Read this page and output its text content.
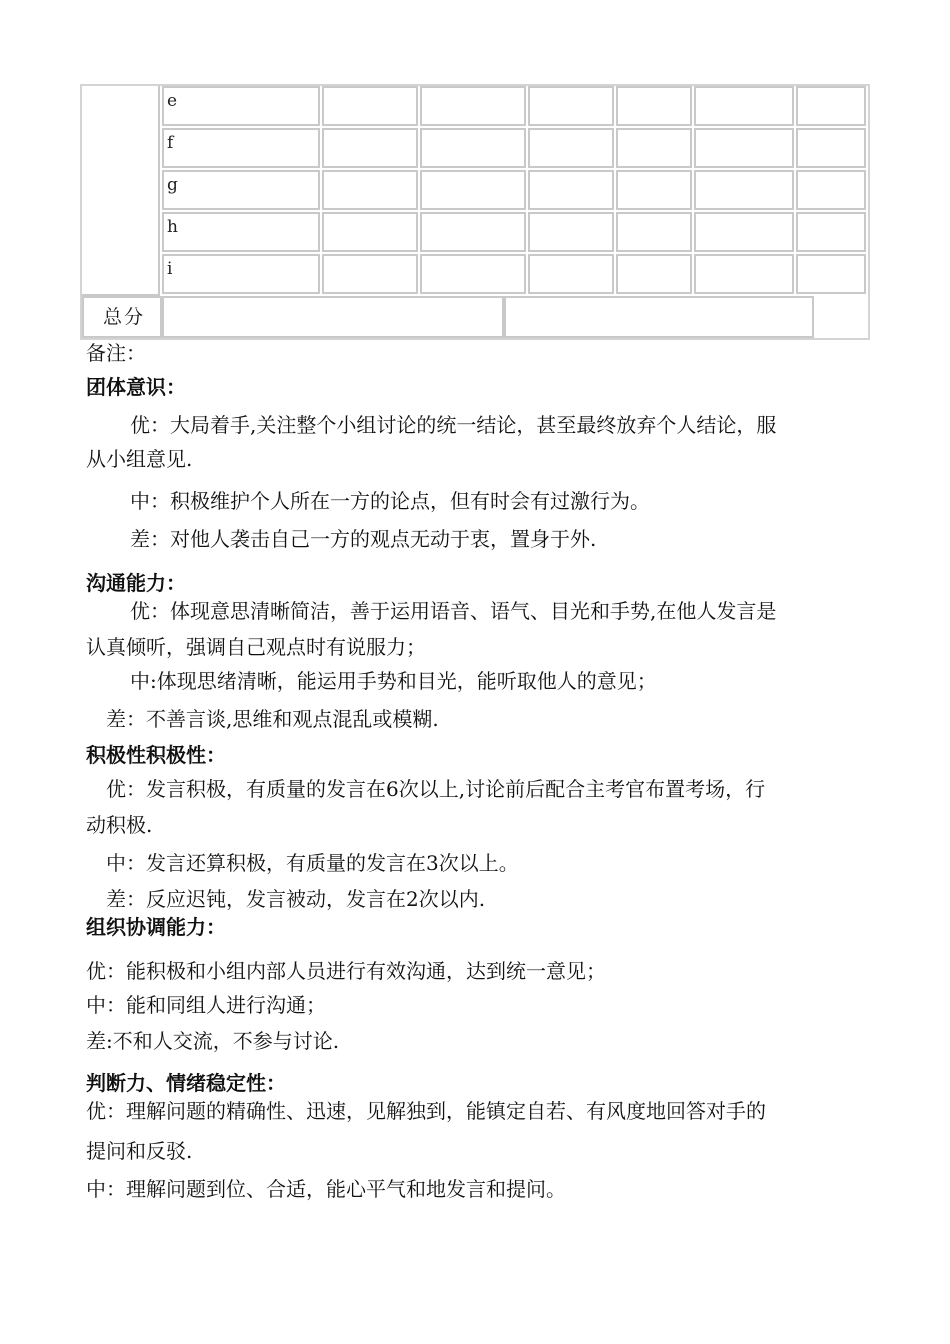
e
f
g
h
i
总分
备注：
团体意识：
优：大局着手,关注整个小组讨论的统一结论，甚至最终放弃个人结论，服
从小组意见.
中：积极维护个人所在一方的论点，但有时会有过激行为。
差：对他人袭击自己一方的观点无动于衷，置身于外.
沟通能力：
优：体现意思清晰简洁，善于运用语音、语气、目光和手势,在他人发言是
认真倾听，强调自己观点时有说服力；
中:体现思绪清晰，能运用手势和目光，能听取他人的意见；
差：不善言谈,思维和观点混乱或模糊.
积极性积极性：
优：发言积极，有质量的发言在6次以上,讨论前后配合主考官布置考场，行
动积极.
中：发言还算积极，有质量的发言在3次以上。
差：反应迟钝，发言被动，发言在2次以内.
组织协调能力：
优：能积极和小组内部人员进行有效沟通，达到统一意见；
中：能和同组人进行沟通；
差:不和人交流，不参与讨论.
判断力、情绪稳定性：
优：理解问题的精确性、迅速，见解独到，能镇定自若、有风度地回答对手的
提问和反驳.
中：理解问题到位、合适，能心平气和地发言和提问。
